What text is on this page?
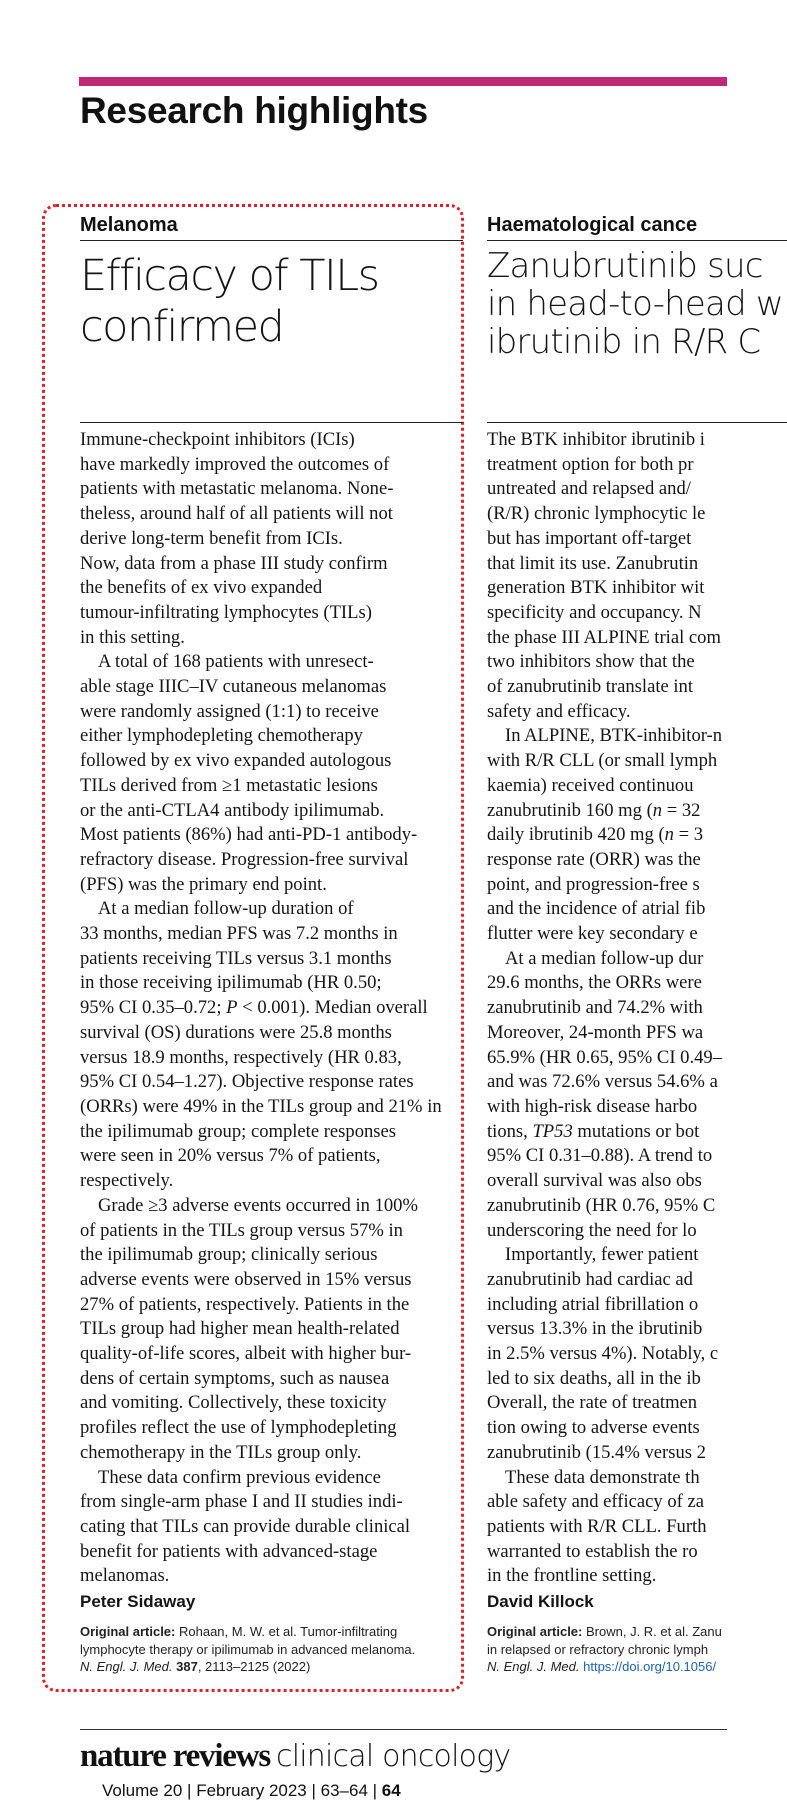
Research highlights
Melanoma
Efficacy of TILs
confirmed
Immune-checkpoint inhibitors (ICIs)
have markedly improved the outcomes of
patients with metastatic melanoma. None-
theless, around half of all patients will not
derive long-term benefit from ICIs.
Now, data from a phase III study confirm
the benefits of ex vivo expanded
tumour-infiltrating lymphocytes (TILs)
in this setting.
A total of 168 patients with unresect-
able stage IIIC–IV cutaneous melanomas
were randomly assigned (1:1) to receive
either lymphodepleting chemotherapy
followed by ex vivo expanded autologous
TILs derived from ≥1 metastatic lesions
or the anti-CTLA4 antibody ipilimumab.
Most patients (86%) had anti-PD-1 antibody-
refractory disease. Progression-free survival
(PFS) was the primary end point.
At a median follow-up duration of
33 months, median PFS was 7.2 months in
patients receiving TILs versus 3.1 months
in those receiving ipilimumab (HR 0.50;
95% CI 0.35–0.72; P < 0.001). Median overall
survival (OS) durations were 25.8 months
versus 18.9 months, respectively (HR 0.83,
95% CI 0.54–1.27). Objective response rates
(ORRs) were 49% in the TILs group and 21% in
the ipilimumab group; complete responses
were seen in 20% versus 7% of patients,
respectively.
Grade ≥3 adverse events occurred in 100%
of patients in the TILs group versus 57% in
the ipilimumab group; clinically serious
adverse events were observed in 15% versus
27% of patients, respectively. Patients in the
TILs group had higher mean health-related
quality-of-life scores, albeit with higher bur-
dens of certain symptoms, such as nausea
and vomiting. Collectively, these toxicity
profiles reflect the use of lymphodepleting
chemotherapy in the TILs group only.
These data confirm previous evidence
from single-arm phase I and II studies indi-
cating that TILs can provide durable clinical
benefit for patients with advanced-stage
melanomas.
Peter Sidaway
Original article: Rohaan, M. W. et al. Tumor-infiltrating
lymphocyte therapy or ipilimumab in advanced melanoma.
N. Engl. J. Med. 387, 2113–2125 (2022)
Haematological cance
Zanubrutinib suc
in head-to-head w
ibrutinib in R/R C
The BTK inhibitor ibrutinib i
treatment option for both pr
untreated and relapsed and/
(R/R) chronic lymphocytic le
but has important off-target
that limit its use. Zanubrutin
generation BTK inhibitor wit
specificity and occupancy. N
the phase III ALPINE trial com
two inhibitors show that the
of zanubrutinib translate int
safety and efficacy.
In ALPINE, BTK-inhibitor-n
with R/R CLL (or small lymph
kaemia) received continuou
zanubrutinib 160 mg (n = 32
daily ibrutinib 420 mg (n = 3
response rate (ORR) was the
point, and progression-free s
and the incidence of atrial fib
flutter were key secondary e
At a median follow-up dur
29.6 months, the ORRs were
zanubrutinib and 74.2% with
Moreover, 24-month PFS wa
65.9% (HR 0.65, 95% CI 0.49–
and was 72.6% versus 54.6% a
with high-risk disease harbo
tions, TP53 mutations or bot
95% CI 0.31–0.88). A trend to
overall survival was also obs
zanubrutinib (HR 0.76, 95% C
underscoring the need for lo
Importantly, fewer patient
zanubrutinib had cardiac ad
including atrial fibrillation o
versus 13.3% in the ibrutinib
in 2.5% versus 4%). Notably, c
led to six deaths, all in the ib
Overall, the rate of treatmen
tion owing to adverse events
zanubrutinib (15.4% versus 2
These data demonstrate th
able safety and efficacy of za
patients with R/R CLL. Furth
warranted to establish the ro
in the frontline setting.
David Killock
Original article: Brown, J. R. et al. Zanu
in relapsed or refractory chronic lymph
N. Engl. J. Med. https://doi.org/10.1056/
nature reviews clinical oncology
Volume 20 | February 2023 | 63–64 | 64
